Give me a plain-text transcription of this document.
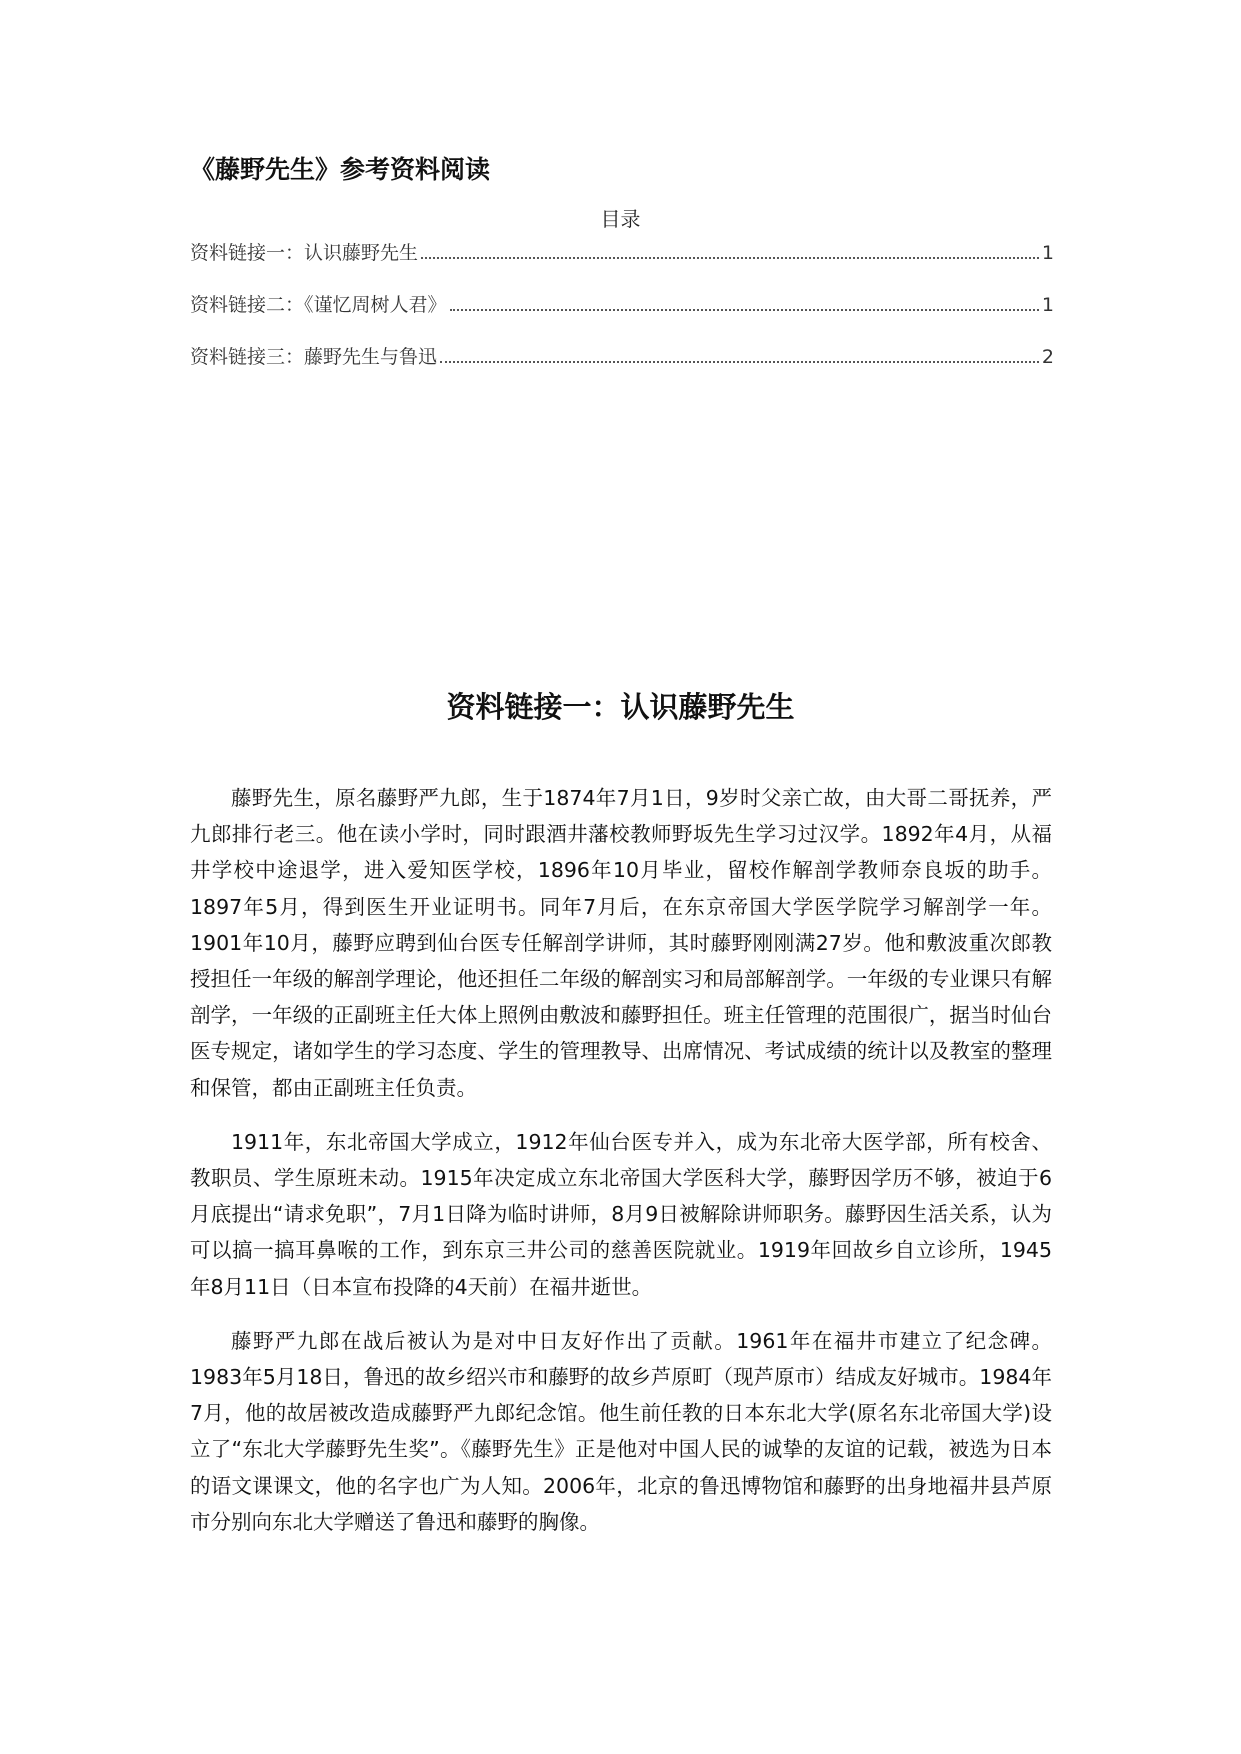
《藤野先生》参考资料阅读
目录
资料链接一：认识藤野先生	1
资料链接二：《谨忆周树人君》	1
资料链接三：藤野先生与鲁迅	2
资料链接一：认识藤野先生

藤野先生，原名藤野严九郎，生于1874年7月1日，9岁时父亲亡故，由大哥二哥抚养，严九郎排行老三。他在读小学时，同时跟酒井藩校教师野坂先生学习过汉学。1892年4月，从福井学校中途退学，进入爱知医学校，1896年10月毕业，留校作解剖学教师奈良坂的助手。1897年5月，得到医生开业证明书。同年7月后，在东京帝国大学医学院学习解剖学一年。1901年10月，藤野应聘到仙台医专任解剖学讲师，其时藤野刚刚满27岁。他和敷波重次郎教授担任一年级的解剖学理论，他还担任二年级的解剖实习和局部解剖学。一年级的专业课只有解剖学，一年级的正副班主任大体上照例由敷波和藤野担任。班主任管理的范围很广，据当时仙台医专规定，诸如学生的学习态度、学生的管理教导、出席情况、考试成绩的统计以及教室的整理和保管，都由正副班主任负责。

1911年，东北帝国大学成立，1912年仙台医专并入，成为东北帝大医学部，所有校舍、教职员、学生原班未动。1915年决定成立东北帝国大学医科大学，藤野因学历不够，被迫于6月底提出“请求免职”，7月1日降为临时讲师，8月9日被解除讲师职务。藤野因生活关系，认为可以搞一搞耳鼻喉的工作，到东京三井公司的慈善医院就业。1919年回故乡自立诊所，1945年8月11日（日本宣布投降的4天前）在福井逝世。

藤野严九郎在战后被认为是对中日友好作出了贡献。1961年在福井市建立了纪念碑。1983年5月18日，鲁迅的故乡绍兴市和藤野的故乡芦原町（现芦原市）结成友好城市。1984年7月，他的故居被改造成藤野严九郎纪念馆。他生前任教的日本东北大学(原名东北帝国大学)设立了“东北大学藤野先生奖”。《藤野先生》正是他对中国人民的诚挚的友谊的记载，被选为日本的语文课课文，他的名字也广为人知。2006年，北京的鲁迅博物馆和藤野的出身地福井县芦原市分别向东北大学赠送了鲁迅和藤野的胸像。
